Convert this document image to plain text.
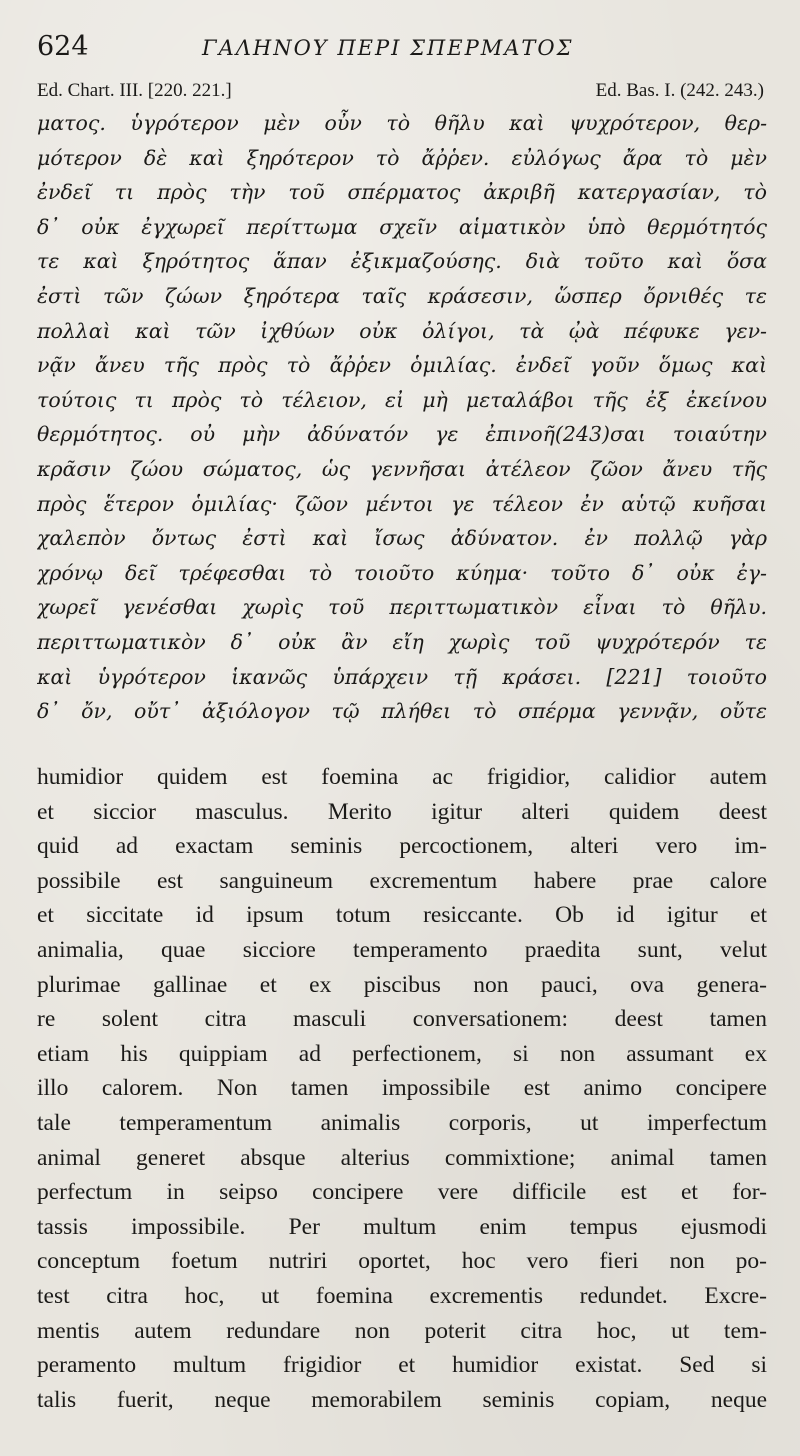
624	ΓΑΛΗΝΟΥ ΠΕΡΙ ΣΠΕΡΜΑΤΟΣ
Ed. Chart. III. [220. 221.]	Ed. Bas. I. (242. 243.)
ματος. ὑγρότερον μὲν οὖν τὸ θῆλυ καὶ ψυχρότερον, θερ-
μότερον δὲ καὶ ξηρότερον τὸ ἄῤῥεν. εὐλόγως ἄρα τὸ μὲν
ἐνδεῖ τι πρὸς τὴν τοῦ σπέρματος ἀκριβῆ κατεργασίαν, τὸ
δ᾽ οὐκ ἐγχωρεῖ περίττωμα σχεῖν αἱματικὸν ὑπὸ θερμότητός
τε καὶ ξηρότητος ἅπαν ἐξικμαζούσης. διὰ τοῦτο καὶ ὅσα
ἐστὶ τῶν ζώων ξηρότερα ταῖς κράσεσιν, ὥσπερ ὄρνιθές τε
πολλαὶ καὶ τῶν ἰχθύων οὐκ ὀλίγοι, τὰ ᾠὰ πέφυκε γεν-
νᾷν ἄνευ τῆς πρὸς τὸ ἄῤῥεν ὁμιλίας. ἐνδεῖ γοῦν ὅμως καὶ
τούτοις τι πρὸς τὸ τέλειον, εἰ μὴ μεταλάβοι τῆς ἐξ ἐκείνου
θερμότητος. οὐ μὴν ἀδύνατόν γε ἐπινοῆ(243)σαι τοιαύτην
κρᾶσιν ζώου σώματος, ὡς γεννῆσαι ἀτέλεον ζῶον ἄνευ τῆς
πρὸς ἕτερον ὁμιλίας· ζῶον μέντοι γε τέλεον ἐν αὑτῷ κυῆσαι
χαλεπὸν ὄντως ἐστὶ καὶ ἴσως ἀδύνατον. ἐν πολλῷ γὰρ
χρόνῳ δεῖ τρέφεσθαι τὸ τοιοῦτο κύημα· τοῦτο δ᾽ οὐκ ἐγ-
χωρεῖ γενέσθαι χωρὶς τοῦ περιττωματικὸν εἶναι τὸ θῆλυ.
περιττωματικὸν δ᾽ οὐκ ἂν εἴη χωρὶς τοῦ ψυχρότερόν τε
καὶ ὑγρότερον ἱκανῶς ὑπάρχειν τῇ κράσει. [221] τοιοῦτο
δ᾽ ὄν, οὔτ᾽ ἀξιόλογον τῷ πλήθει τὸ σπέρμα γεννᾷν, οὔτε
humidior quidem est foemina ac frigidior, calidior autem
et siccior masculus. Merito igitur alteri quidem deest
quid ad exactam seminis percoctionem, alteri vero im-
possibile est sanguineum excrementum habere prae calore
et siccitate id ipsum totum resiccante. Ob id igitur et
animalia, quae sicciore temperamento praedita sunt, velut
plurimae gallinae et ex piscibus non pauci, ova genera-
re solent citra masculi conversationem: deest tamen
etiam his quippiam ad perfectionem, si non assumant ex
illo calorem. Non tamen impossibile est animo concipere
tale temperamentum animalis corporis, ut imperfectum
animal generet absque alterius commixtione; animal tamen
perfectum in seipso concipere vere difficile est et for-
tassis impossibile. Per multum enim tempus ejusmodi
conceptum foetum nutriri oportet, hoc vero fieri non po-
test citra hoc, ut foemina excrementis redundet. Excre-
mentis autem redundare non poterit citra hoc, ut tem-
peramento multum frigidior et humidior existat. Sed si
talis fuerit, neque memorabilem seminis copiam, neque
